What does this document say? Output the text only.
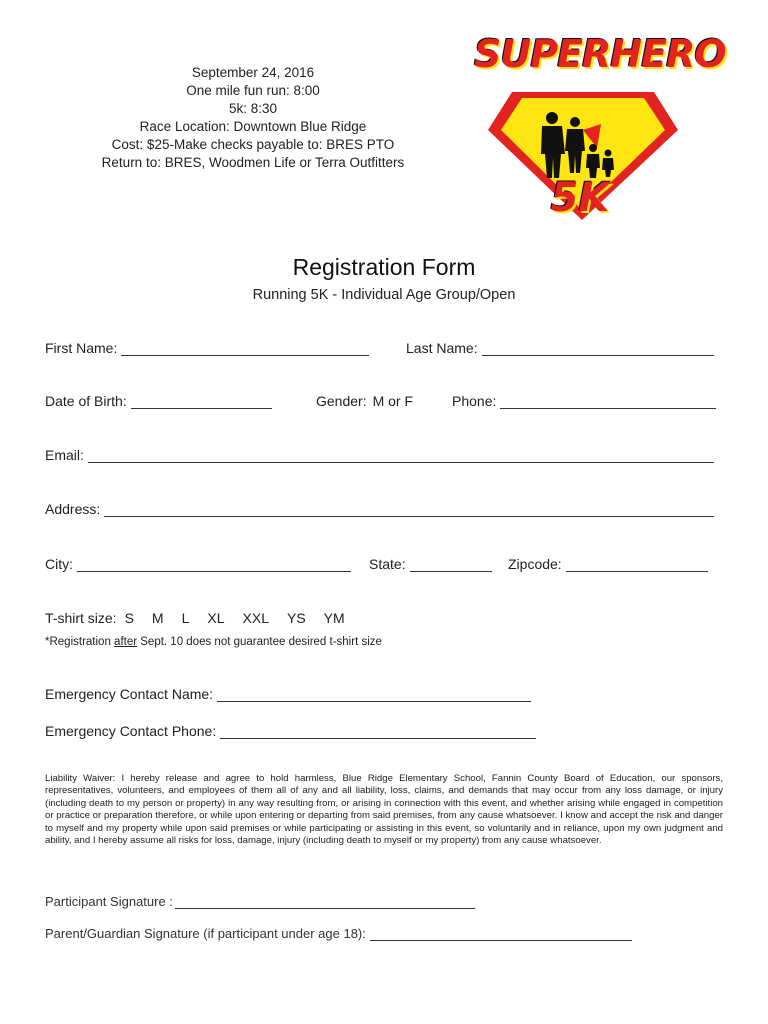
September 24, 2016
One mile fun run: 8:00
5k: 8:30
Race Location: Downtown Blue Ridge
Cost: $25-Make checks payable to: BRES PTO
Return to: BRES, Woodmen Life or Terra Outfitters
SUPERHERO
5K
Registration Form
Running 5K - Individual Age Group/Open
First Name:	Last Name:
Date of Birth:	Gender: M or F	Phone:
Email:
Address:
City:	State:	Zipcode:
T-shirt size: S M L XL XXL YS YM
*Registration after Sept. 10 does not guarantee desired t-shirt size
Emergency Contact Name:
Emergency Contact Phone:
Liability Waiver: I hereby release and agree to hold harmless, Blue Ridge Elementary School, Fannin County Board of Education, our sponsors, representatives, volunteers, and employees of them all of any and all liability, loss, claims, and demands that may occur from any loss damage, or injury (including death to my person or property) in any way resulting from, or arising in connection with this event, and whether arising while engaged in competition or practice or preparation therefore, or while upon entering or departing from said premises, from any cause whatsoever. I know and accept the risk and danger to myself and my property while upon said premises or while participating or assisting in this event, so voluntarily and in reliance, upon my own judgment and ability, and I hereby assume all risks for loss, damage, injury (including death to myself or my property) from any cause whatsoever.
Participant Signature :
Parent/Guardian Signature (if participant under age 18):
